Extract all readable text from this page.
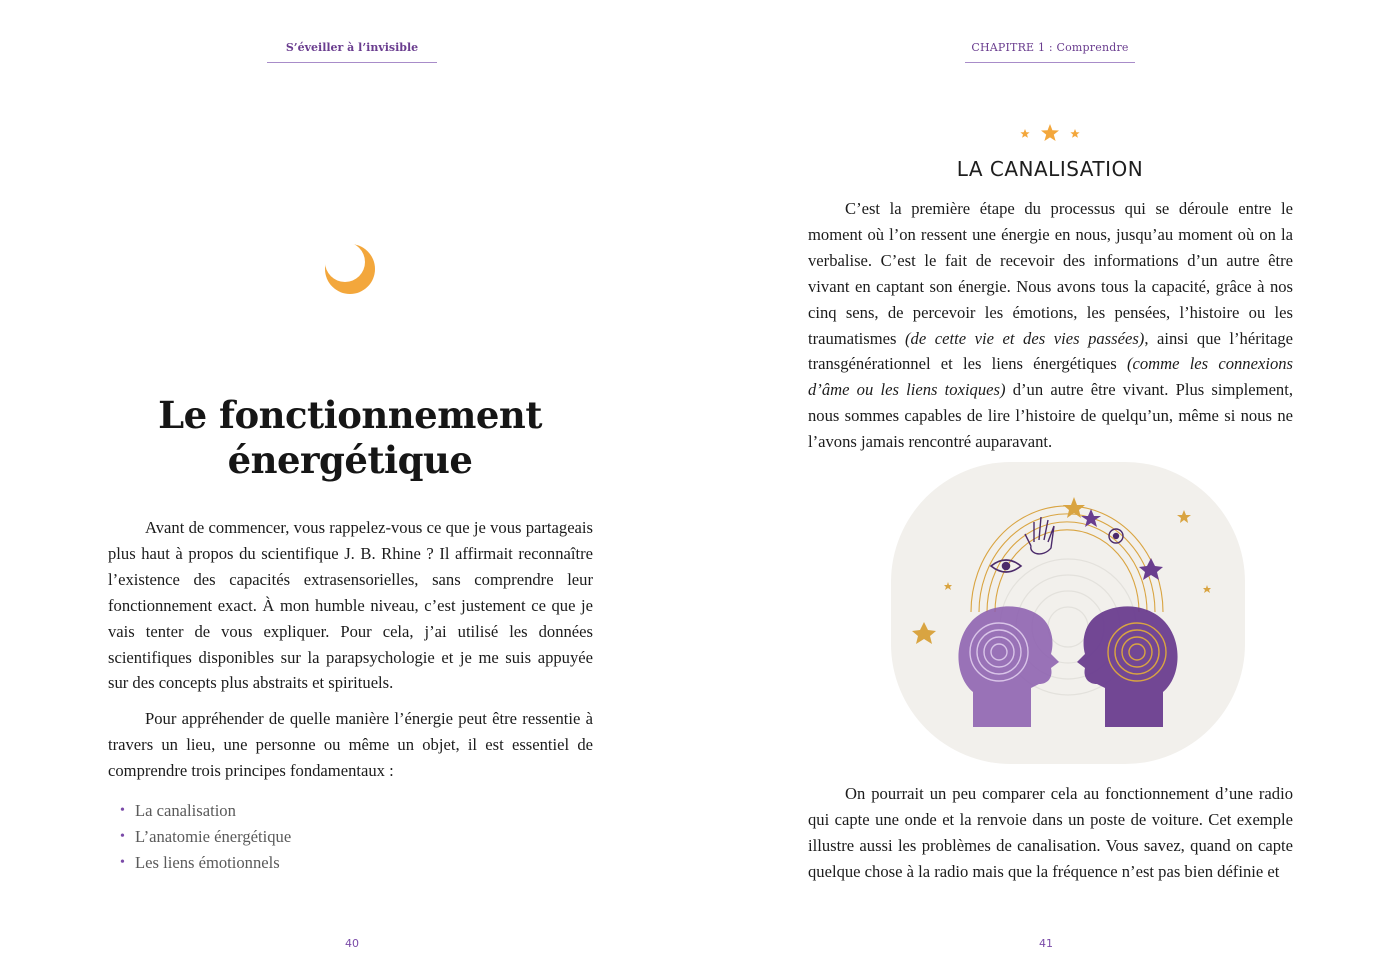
S’éveiller à l’invisible
Le fonctionnement
énergétique

Avant de commencer, vous rappelez-vous ce que je vous partageais plus haut à propos du scientifique J. B. Rhine ? Il affirmait reconnaître l’existence des capacités extrasensorielles, sans comprendre leur fonctionnement exact. À mon humble niveau, c’est justement ce que je vais tenter de vous expliquer. Pour cela, j’ai utilisé les données scientifiques disponibles sur la parapsychologie et je me suis appuyée sur des concepts plus abstraits et spirituels.

Pour appréhender de quelle manière l’énergie peut être ressentie à travers un lieu, une personne ou même un objet, il est essentiel de comprendre trois principes fondamentaux :

• La canalisation
• L’anatomie énergétique
• Les liens émotionnels
40
CHAPITRE 1 : Comprendre
LA CANALISATION

C’est la première étape du processus qui se déroule entre le moment où l’on ressent une énergie en nous, jusqu’au moment où on la verbalise. C’est le fait de recevoir des informations d’un autre être vivant en captant son énergie. Nous avons tous la capacité, grâce à nos cinq sens, de percevoir les émotions, les pensées, l’histoire ou les traumatismes (de cette vie et des vies passées), ainsi que l’héritage transgénérationnel et les liens énergétiques (comme les connexions d’âme ou les liens toxiques) d’un autre être vivant. Plus simplement, nous sommes capables de lire l’histoire de quelqu’un, même si nous ne l’avons jamais rencontré auparavant.

On pourrait un peu comparer cela au fonctionnement d’une radio qui capte une onde et la renvoie dans un poste de voiture. Cet exemple illustre aussi les problèmes de canalisation. Vous savez, quand on capte quelque chose à la radio mais que la fréquence n’est pas bien définie et

41
